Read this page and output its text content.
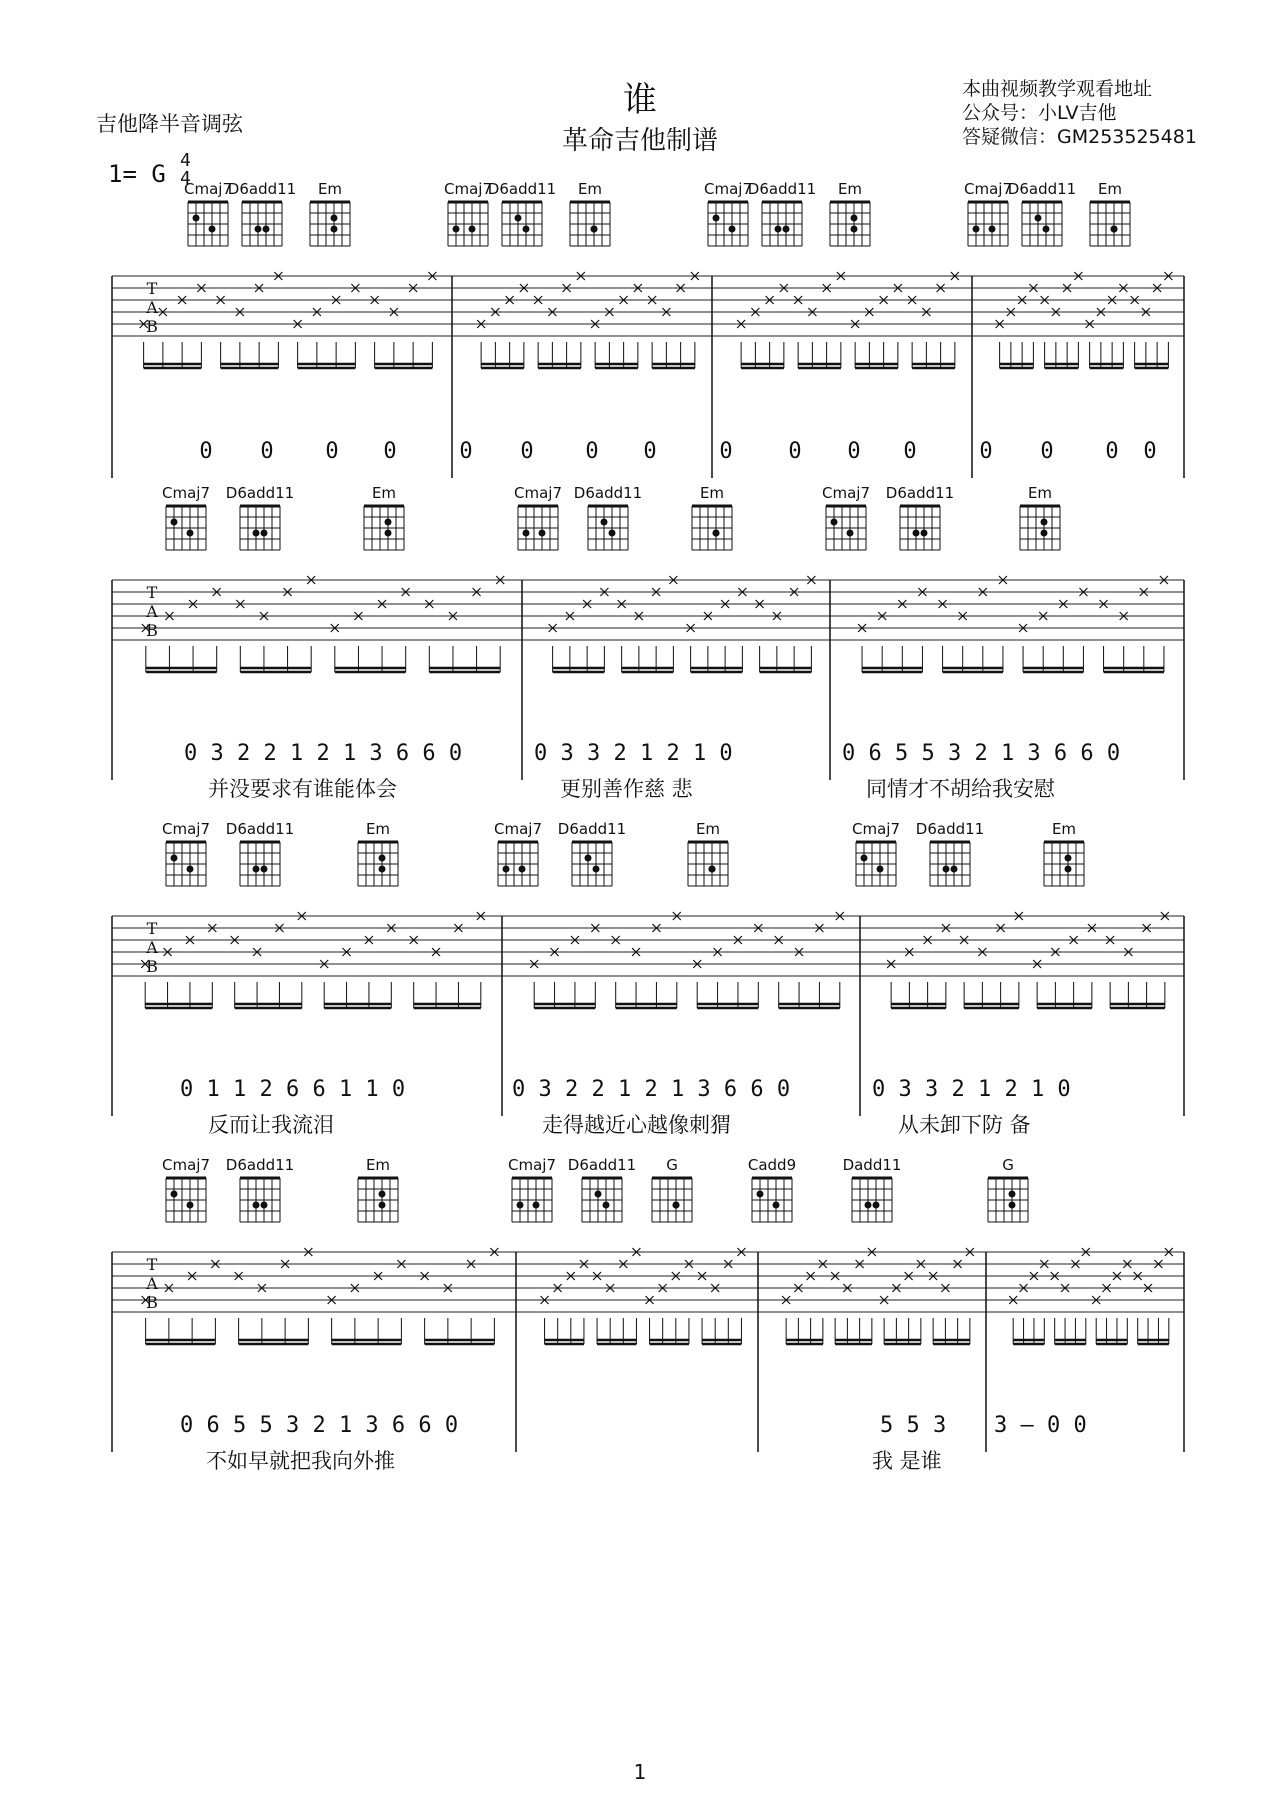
谁
革命吉他制谱
吉他降半音调弦
本曲视频教学观看地址
公众号：小LV吉他
答疑微信：GM253525481
1= G 4
4
1
Cmaj7
D6add11 Em	Cmaj7
D6add11 Em	Cmaj7
D6add11 Em	Cmaj7
D6add11 Em
T
A
B
0 0 0 0	0 0 0 0	0	0 0 0	0 0 0 0
Cmaj7 D6add11	Em	Cmaj7 D6add11	Em	Cmaj7 D6add11	Em
T
A
B
0 3 2 2 1 2 1 3 6 6 0	0 3 3 2 1 2 1 0	0 6 5 5 3 2 1 3 6 6 0
并没要求有谁能体会	更别善作慈 悲	同情才不胡给我安慰
Cmaj7 D6add11	Em	Cmaj7 D6add11	Em	Cmaj7 D6add11	Em
T
A
B
0 1 1 2 6 6 1 1 0	0 3 2 2 1 2 1 3 6 6 0	0 3 3 2 1 2 1 0
反而让我流泪	走得越近心越像刺猬	从未卸下防 备
Cmaj7 D6add11	Em	Cmaj7 D6add11 G	Cadd9	Dadd11	G
T
A
B
0 6 5 5 3 2 1 3 6 6 0	5 5 3 3 – 0 0
不如早就把我向外推	我 是谁
